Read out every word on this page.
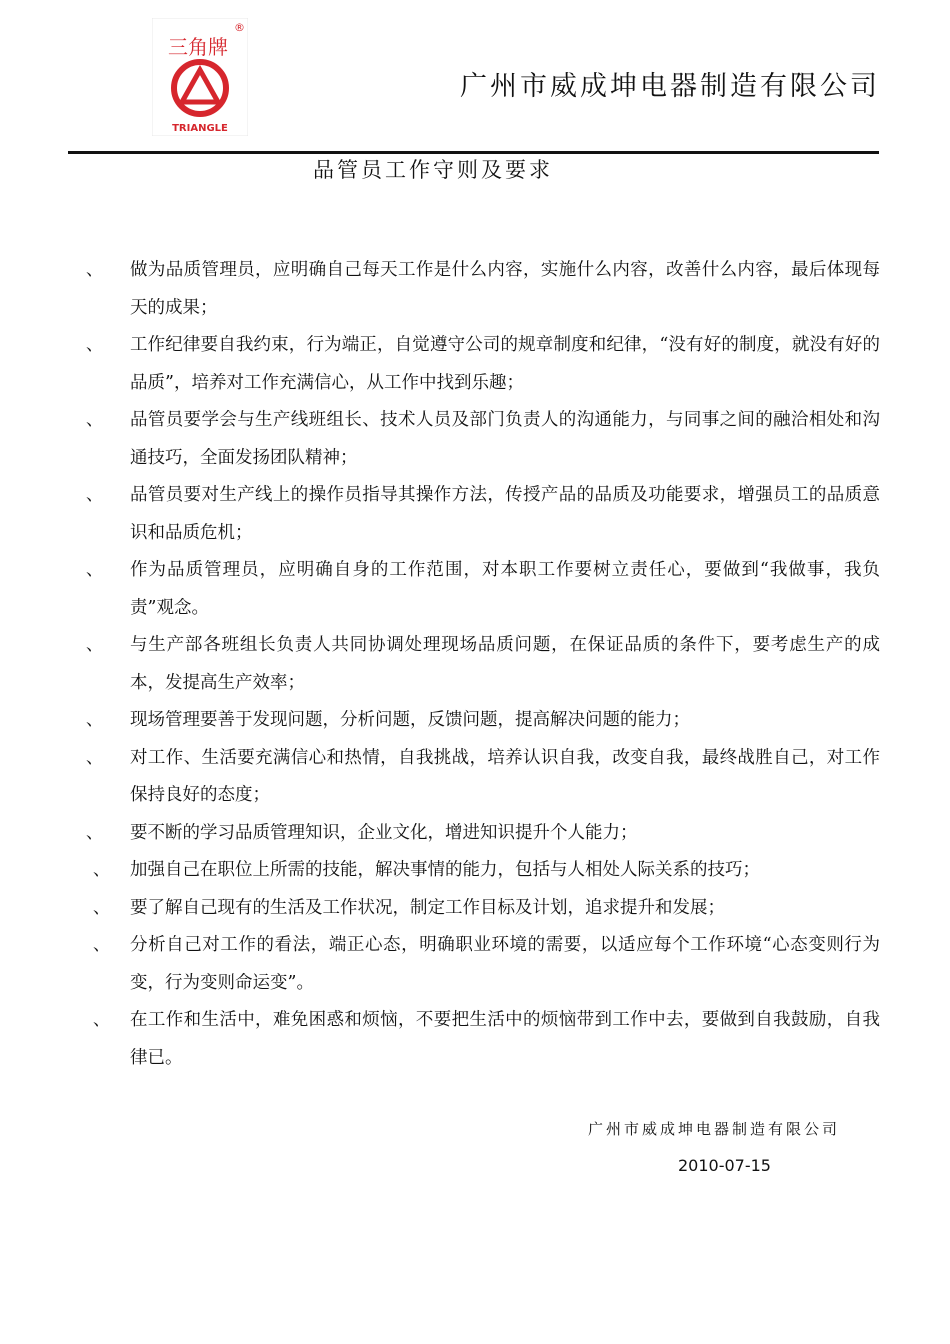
三角牌
®
TRIANGLE
广州市威成坤电器制造有限公司
品管员工作守则及要求
、 做为品质管理员，应明确自己每天工作是什么内容，实施什么内容，改善什么内容，最后体现每天的成果；
、 工作纪律要自我约束，行为端正，自觉遵守公司的规章制度和纪律，“没有好的制度，就没有好的品质”，培养对工作充满信心，从工作中找到乐趣；
、 品管员要学会与生产线班组长、技术人员及部门负责人的沟通能力，与同事之间的融洽相处和沟通技巧，全面发扬团队精神；
、 品管员要对生产线上的操作员指导其操作方法，传授产品的品质及功能要求，增强员工的品质意识和品质危机；
、 作为品质管理员，应明确自身的工作范围，对本职工作要树立责任心，要做到“我做事，我负责”观念。
、 与生产部各班组长负责人共同协调处理现场品质问题，在保证品质的条件下，要考虑生产的成本，发提高生产效率；
、 现场管理要善于发现问题，分析问题，反馈问题，提高解决问题的能力；
、 对工作、生活要充满信心和热情，自我挑战，培养认识自我，改变自我，最终战胜自己，对工作保持良好的态度；
、 要不断的学习品质管理知识，企业文化，增进知识提升个人能力；
、 加强自己在职位上所需的技能，解决事情的能力，包括与人相处人际关系的技巧；
、 要了解自己现有的生活及工作状况，制定工作目标及计划，追求提升和发展；
、 分析自己对工作的看法，端正心态，明确职业环境的需要，以适应每个工作环境“心态变则行为变，行为变则命运变”。
、 在工作和生活中，难免困惑和烦恼，不要把生活中的烦恼带到工作中去，要做到自我鼓励，自我律已。
广州市威成坤电器制造有限公司
2010-07-15
